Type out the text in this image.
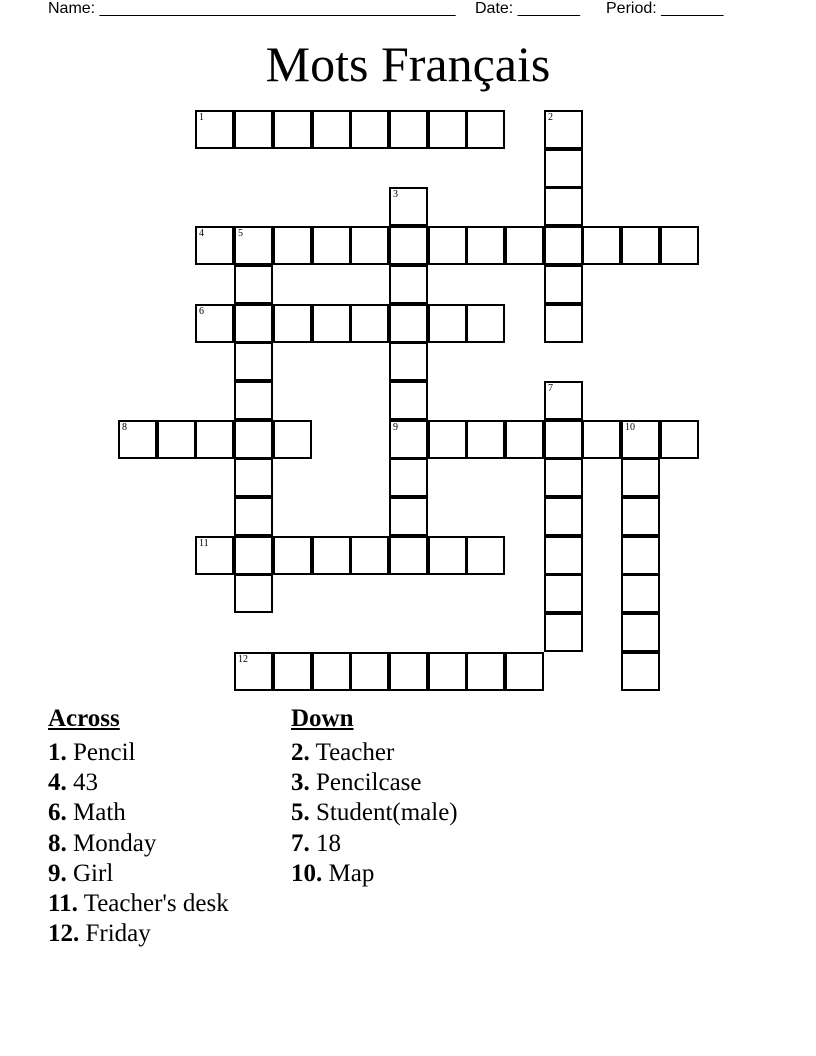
Name: ________________________________________ Date: _______ Period: _______
Mots Français
1	2
3
9
4	5
6
7
8	10
11
12
Across
1. Pencil
4. 43
6. Math
8. Monday
9. Girl
11. Teacher's desk
12. Friday
Down
2. Teacher
3. Pencilcase
5. Student(male)
7. 18
10. Map
